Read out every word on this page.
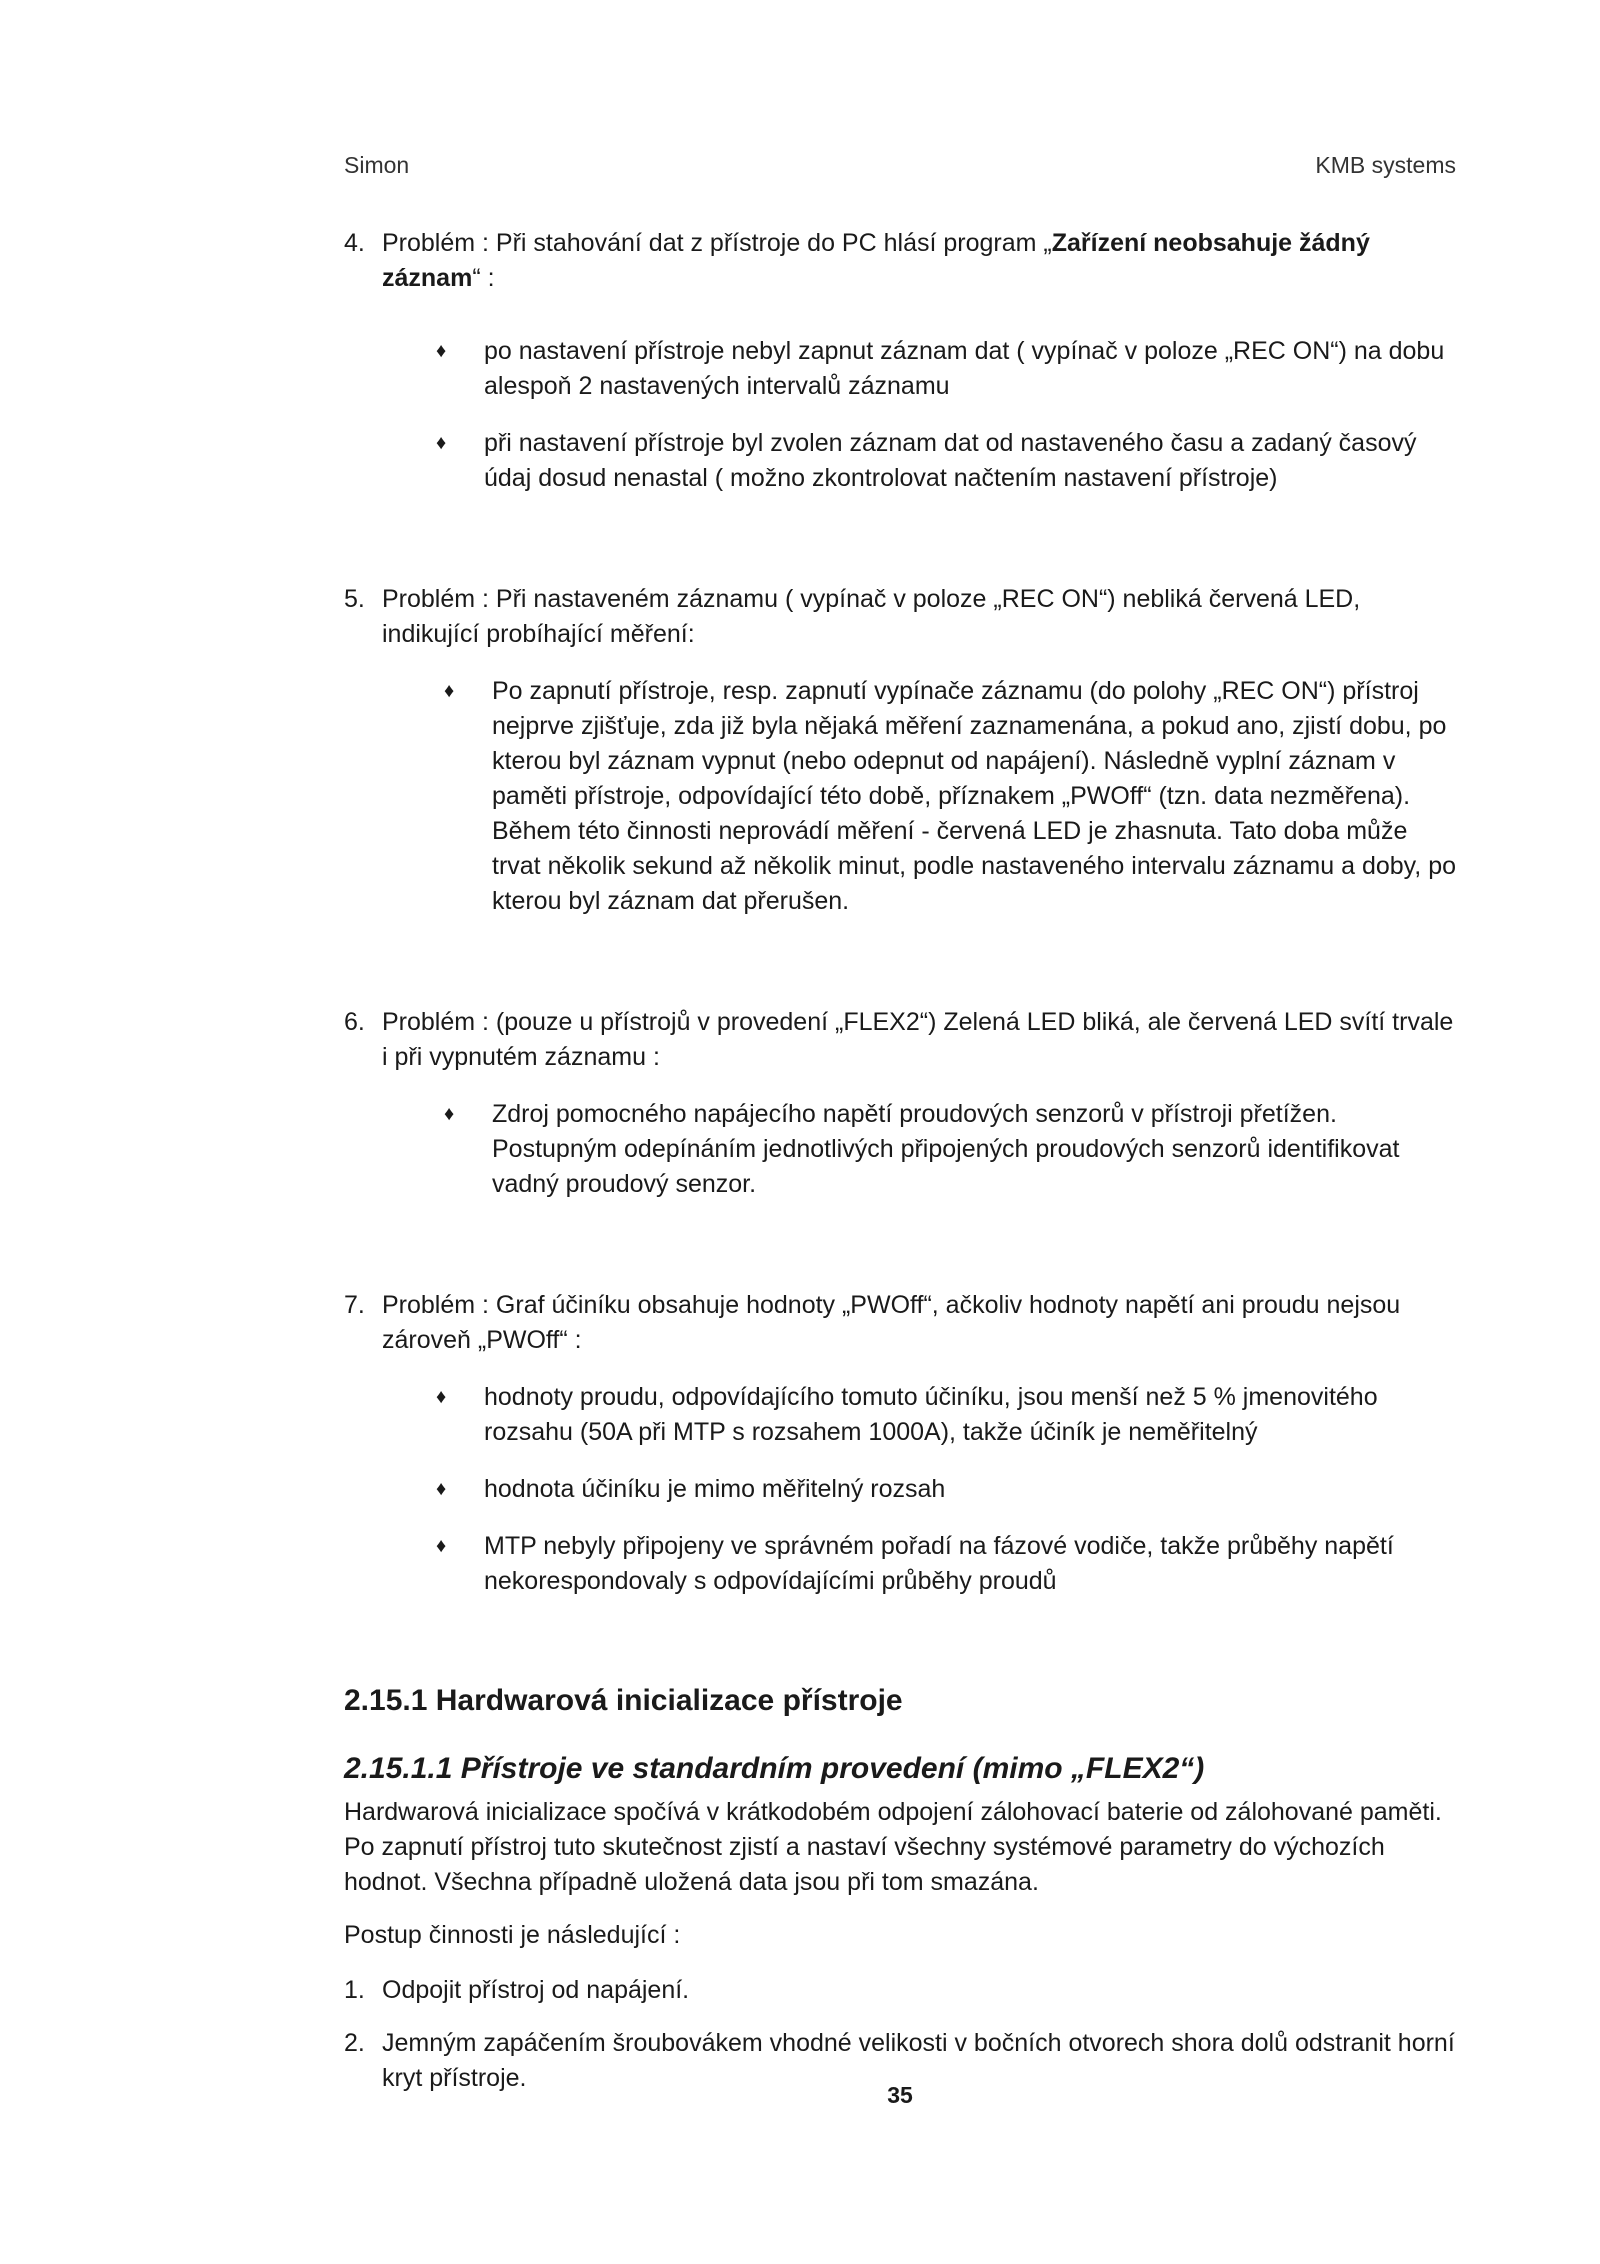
Simon	KMB systems
4. Problém : Při stahování dat z přístroje do PC hlásí program „Zařízení neobsahuje žádný záznam“ :
♦	po nastavení přístroje nebyl zapnut záznam dat ( vypínač v poloze „REC ON“) na dobu alespoň 2 nastavených intervalů záznamu
♦	při nastavení přístroje byl zvolen záznam dat od nastaveného času a zadaný časový údaj dosud nenastal ( možno zkontrolovat načtením nastavení přístroje)
5. Problém : Při nastaveném záznamu ( vypínač v poloze „REC ON“) nebliká červená LED, indikující probíhající měření:
♦	Po zapnutí přístroje, resp. zapnutí vypínače záznamu (do polohy „REC ON“) přístroj nejprve zjišťuje, zda již byla nějaká měření zaznamenána, a pokud ano, zjistí dobu, po kterou byl záznam vypnut (nebo odepnut od napájení). Následně vyplní záznam v paměti přístroje, odpovídající této době, příznakem „PWOff“ (tzn. data nezměřena). Během této činnosti neprovádí měření - červená LED je zhasnuta. Tato doba může trvat několik sekund až několik minut, podle nastaveného intervalu záznamu a doby, po kterou byl záznam dat přerušen.
6. Problém : (pouze u přístrojů v provedení „FLEX2“) Zelená LED bliká, ale červená LED svítí trvale i při vypnutém záznamu :
♦	Zdroj pomocného napájecího napětí proudových senzorů v přístroji přetížen. Postupným odepínáním jednotlivých připojených proudových senzorů identifikovat vadný proudový senzor.
7. Problém : Graf účiníku obsahuje hodnoty „PWOff“, ačkoliv hodnoty napětí ani proudu nejsou zároveň „PWOff“ :
♦	hodnoty proudu, odpovídajícího tomuto účiníku, jsou menší než 5 % jmenovitého rozsahu (50A při MTP s rozsahem 1000A), takže účiník je neměřitelný
♦	hodnota účiníku je mimo měřitelný rozsah
♦	MTP nebyly připojeny ve správném pořadí na fázové vodiče, takže průběhy napětí nekorespondovaly s odpovídajícími průběhy proudů

2.15.1 Hardwarová inicializace přístroje

2.15.1.1 Přístroje ve standardním provedení (mimo „FLEX2“)

Hardwarová inicializace spočívá v krátkodobém odpojení zálohovací baterie od zálohované paměti. Po zapnutí přístroj tuto skutečnost zjistí a nastaví všechny systémové parametry do výchozích hodnot. Všechna případně uložená data jsou při tom smazána.

Postup činnosti je následující :

1. Odpojit přístroj od napájení.
2. Jemným zapáčením šroubovákem vhodné velikosti v bočních otvorech shora dolů odstranit horní kryt přístroje.
35
